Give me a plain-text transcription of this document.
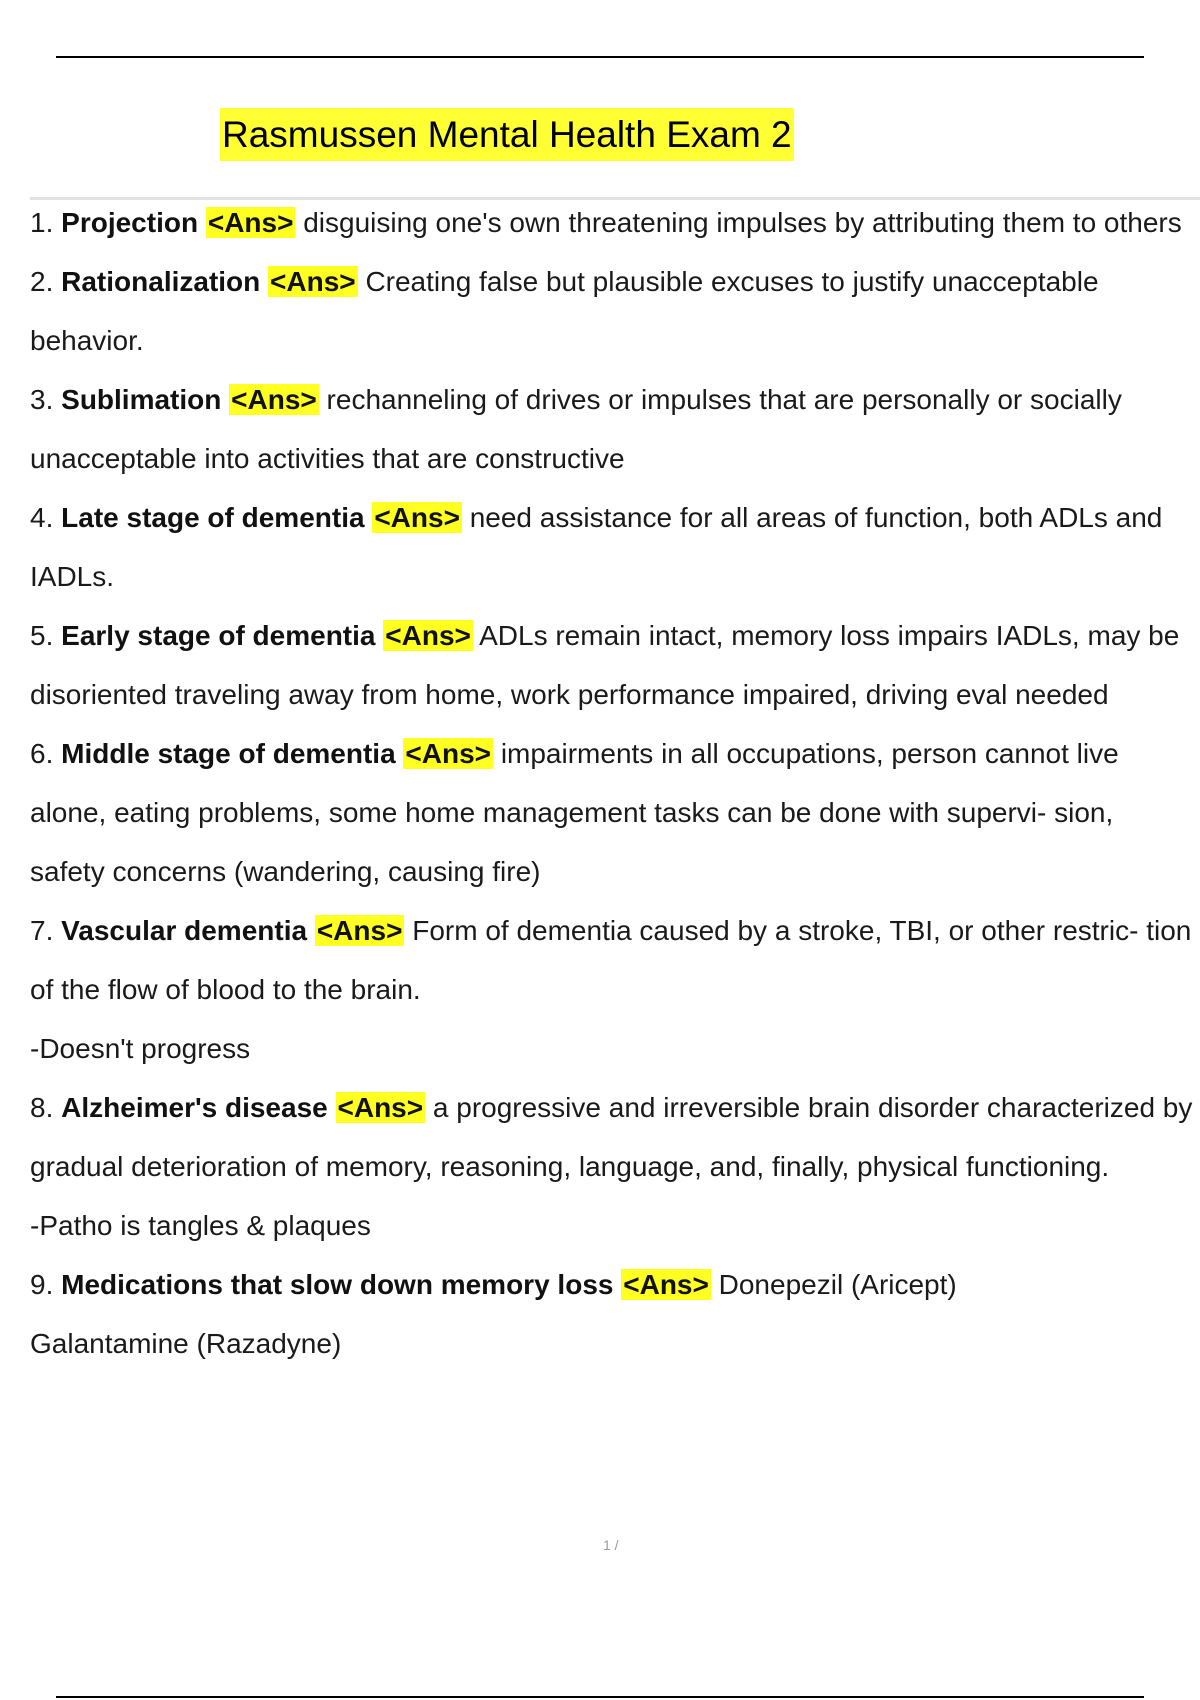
Rasmussen Mental Health Exam 2
1. Projection <Ans> disguising one's own threatening impulses by attributing them to others
2. Rationalization <Ans> Creating false but plausible excuses to justify unacceptable behavior.
3. Sublimation <Ans> rechanneling of drives or impulses that are personally or socially unacceptable into activities that are constructive
4. Late stage of dementia <Ans> need assistance for all areas of function, both ADLs and IADLs.
5. Early stage of dementia <Ans> ADLs remain intact, memory loss impairs IADLs, may be disoriented traveling away from home, work performance impaired, driving eval needed
6. Middle stage of dementia <Ans> impairments in all occupations, person cannot live alone, eating problems, some home management tasks can be done with supervi- sion, safety concerns (wandering, causing fire)
7. Vascular dementia <Ans> Form of dementia caused by a stroke, TBI, or other restric- tion of the flow of blood to the brain.
-Doesn't progress
8. Alzheimer's disease <Ans> a progressive and irreversible brain disorder characterized by gradual deterioration of memory, reasoning, language, and, finally, physical functioning.
-Patho is tangles & plaques
9. Medications that slow down memory loss <Ans> Donepezil (Aricept)
Galantamine (Razadyne)
1 /
